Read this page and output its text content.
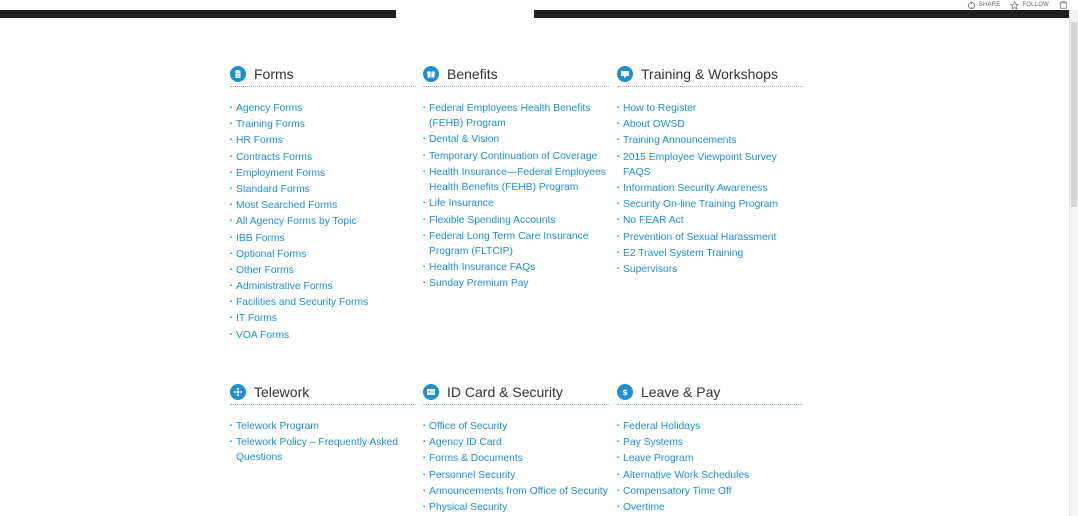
SHARE	FOLLOW
Forms
▪ Agency Forms
▪ Training Forms
▪ HR Forms
▪ Contracts Forms
▪ Employment Forms
▪ Standard Forms
▪ Most Searched Forms
▪ All Agency Forms by Topic
▪ IBB Forms
▪ Optional Forms
▪ Other Forms
▪ Administrative Forms
▪ Facilities and Security Forms
▪ IT Forms
▪ VOA Forms
Benefits
▪ Federal Employees Health Benefits (FEHB) Program
▪ Dental & Vision
▪ Temporary Continuation of Coverage
▪ Health Insurance—Federal Employees Health Benefits (FEHB) Program
▪ Life Insurance
▪ Flexible Spending Accounts
▪ Federal Long Term Care Insurance Program (FLTCIP)
▪ Health Insurance FAQs
▪ Sunday Premium Pay
Training & Workshops
▪ How to Register
▪ About OWSD
▪ Training Announcements
▪ 2015 Employee Viewpoint Survey FAQS
▪ Information Security Awareness
▪ Security On-line Training Program
▪ No FEAR Act
▪ Prevention of Sexual Harassment
▪ E2 Travel System Training
▪ Supervisors
Telework
▪ Telework Program
▪ Telework Policy – Frequently Asked Questions
ID Card & Security
▪ Office of Security
▪ Agency ID Card
▪ Forms & Documents
▪ Personnel Security
▪ Announcements from Office of Security
▪ Physical Security
$ Leave & Pay
▪ Federal Holidays
▪ Pay Systems
▪ Leave Program
▪ Alternative Work Schedules
▪ Compensatory Time Off
▪ Overtime
